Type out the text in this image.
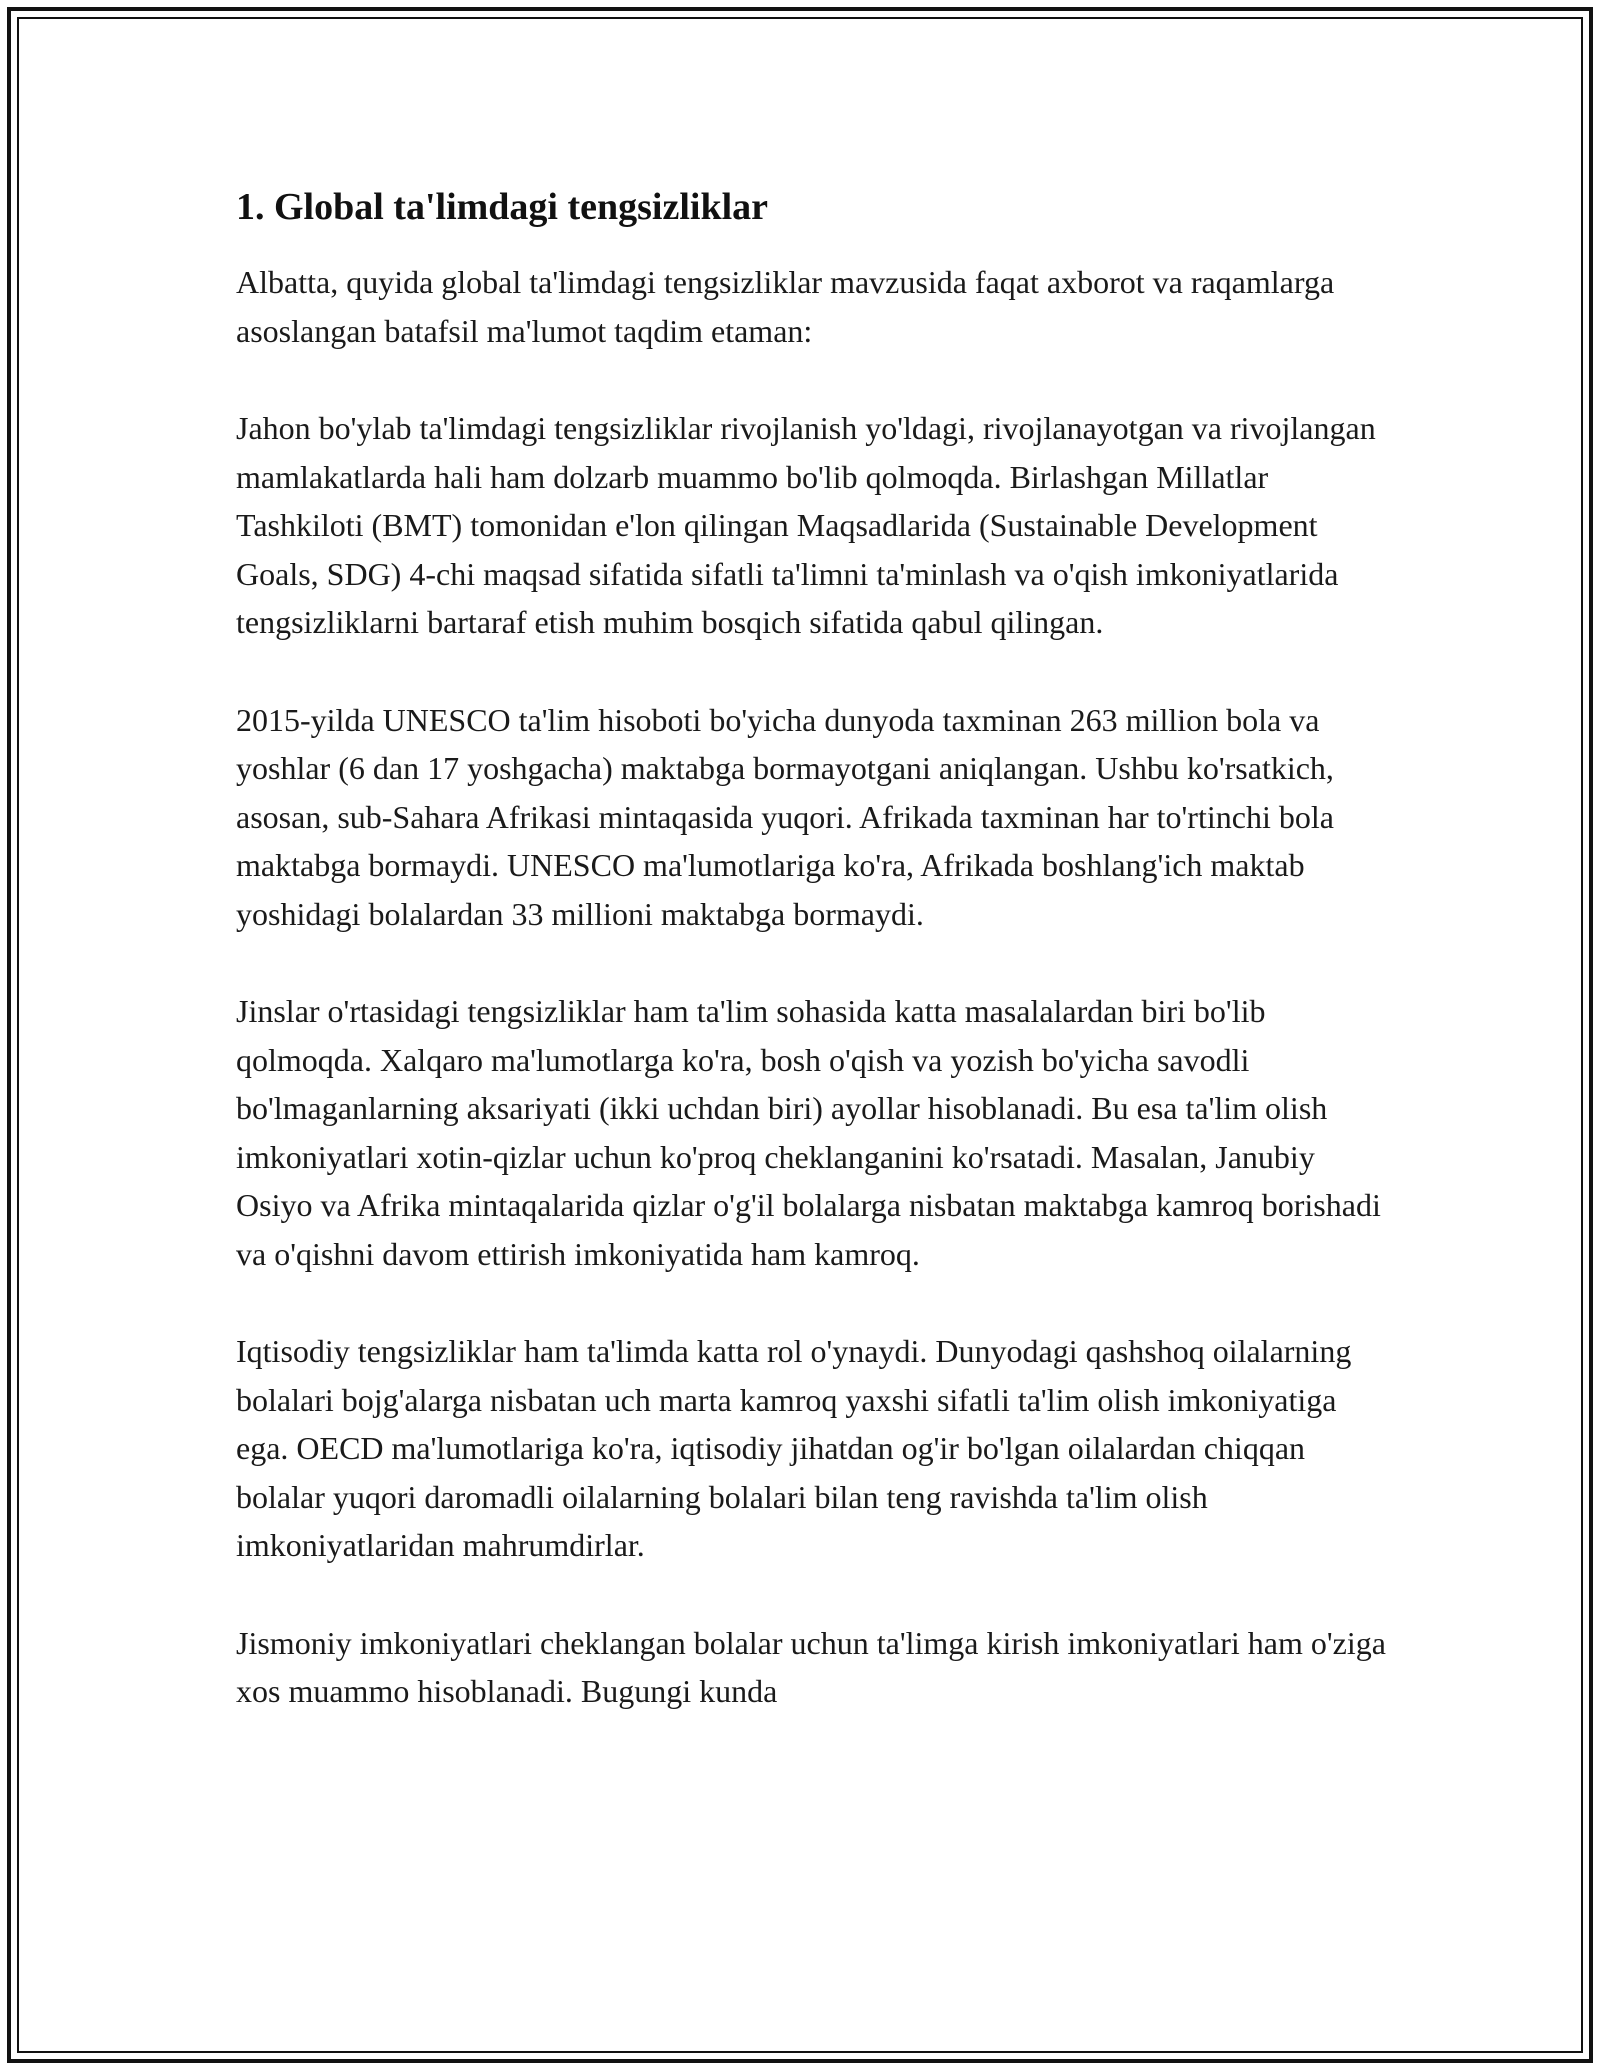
1. Global ta'limdagi tengsizliklar

Albatta, quyida global ta'limdagi tengsizliklar mavzusida faqat axborot va raqamlarga asoslangan batafsil ma'lumot taqdim etaman:

Jahon bo'ylab ta'limdagi tengsizliklar rivojlanish yo'ldagi, rivojlanayotgan va rivojlangan mamlakatlarda hali ham dolzarb muammo bo'lib qolmoqda. Birlashgan Millatlar Tashkiloti (BMT) tomonidan e'lon qilingan Maqsadlarida (Sustainable Development Goals, SDG) 4-chi maqsad sifatida sifatli ta'limni ta'minlash va o'qish imkoniyatlarida tengsizliklarni bartaraf etish muhim bosqich sifatida qabul qilingan.

2015-yilda UNESCO ta'lim hisoboti bo'yicha dunyoda taxminan 263 million bola va yoshlar (6 dan 17 yoshgacha) maktabga bormayotgani aniqlangan. Ushbu ko'rsatkich, asosan, sub-Sahara Afrikasi mintaqasida yuqori. Afrikada taxminan har to'rtinchi bola maktabga bormaydi. UNESCO ma'lumotlariga ko'ra, Afrikada boshlang'ich maktab yoshidagi bolalardan 33 millioni maktabga bormaydi.

Jinslar o'rtasidagi tengsizliklar ham ta'lim sohasida katta masalalardan biri bo'lib qolmoqda. Xalqaro ma'lumotlarga ko'ra, bosh o'qish va yozish bo'yicha savodli bo'lmaganlarning aksariyati (ikki uchdan biri) ayollar hisoblanadi. Bu esa ta'lim olish imkoniyatlari xotin-qizlar uchun ko'proq cheklanganini ko'rsatadi. Masalan, Janubiy Osiyo va Afrika mintaqalarida qizlar o'g'il bolalarga nisbatan maktabga kamroq borishadi va o'qishni davom ettirish imkoniyatida ham kamroq.

Iqtisodiy tengsizliklar ham ta'limda katta rol o'ynaydi. Dunyodagi qashshoq oilalarning bolalari bojg'alarga nisbatan uch marta kamroq yaxshi sifatli ta'lim olish imkoniyatiga ega. OECD ma'lumotlariga ko'ra, iqtisodiy jihatdan og'ir bo'lgan oilalardan chiqqan bolalar yuqori daromadli oilalarning bolalari bilan teng ravishda ta'lim olish imkoniyatlaridan mahrumdirlar.

Jismoniy imkoniyatlari cheklangan bolalar uchun ta'limga kirish imkoniyatlari ham o'ziga xos muammo hisoblanadi. Bugungi kunda
